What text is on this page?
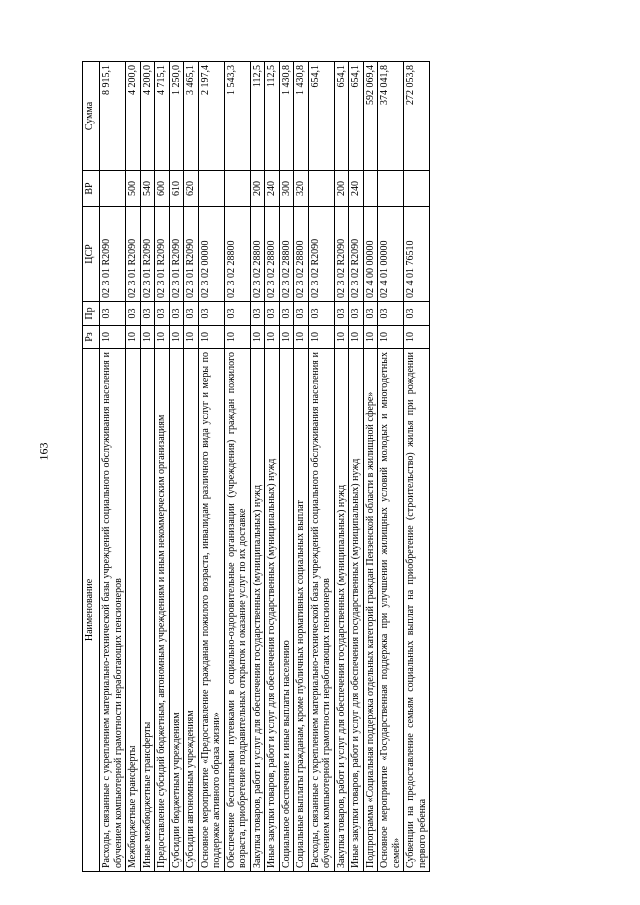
163
Наименование	Рз	Пр	ЦСР	ВР	Сумма
Расходы, связанные с укреплением материально-технической базы учреждений социального обслуживания населения и обучением компьютерной грамотности неработающих пенсионеров	10	03	02 3 01 R2090		8 915,1
Межбюджетные трансферты	10	03	02 3 01 R2090	500	4 200,0
Иные межбюджетные трансферты	10	03	02 3 01 R2090	540	4 200,0
Предоставление субсидий бюджетным, автономным учреждениям и иным некоммерческим организациям	10	03	02 3 01 R2090	600	4 715,1
Субсидии бюджетным учреждениям	10	03	02 3 01 R2090	610	1 250,0
Субсидии автономным учреждениям	10	03	02 3 01 R2090	620	3 465,1
Основное мероприятие «Предоставление гражданам пожилого возраста, инвалидам различного вида услуг и меры по поддержке активного образа жизни»	10	03	02 3 02 00000		2 197,4
Обеспечение бесплатными путевками в социально-оздоровительные организации (учреждения) граждан пожилого возраста, приобретение поздравительных открыток и оказание услуг по их доставке	10	03	02 3 02 28800		1 543,3
Закупка товаров, работ и услуг для обеспечения государственных (муниципальных) нужд	10	03	02 3 02 28800	200	112,5
Иные закупки товаров, работ и услуг для обеспечения государственных (муниципальных) нужд	10	03	02 3 02 28800	240	112,5
Социальное обеспечение и иные выплаты населению	10	03	02 3 02 28800	300	1 430,8
Социальные выплаты гражданам, кроме публичных нормативных социальных выплат	10	03	02 3 02 28800	320	1 430,8
Расходы, связанные с укреплением материально-технической базы учреждений социального обслуживания населения и обучением компьютерной грамотности неработающих пенсионеров	10	03	02 3 02 R2090		654,1
Закупка товаров, работ и услуг для обеспечения государственных (муниципальных) нужд	10	03	02 3 02 R2090	200	654,1
Иные закупки товаров, работ и услуг для обеспечения государственных (муниципальных) нужд	10	03	02 3 02 R2090	240	654,1
Подпрограмма «Социальная поддержка отдельных категорий граждан Пензенской области в жилищной сфере»	10	03	02 4 00 00000		592 069,4
Основное мероприятие «Государственная поддержка при улучшении жилищных условий молодых и многодетных семей»	10	03	02 4 01 00000		374 041,8
Субвенции на предоставление семьям социальных выплат на приобретение (строительство) жилья при рождении первого ребенка	10	03	02 4 01 76510		272 053,8
